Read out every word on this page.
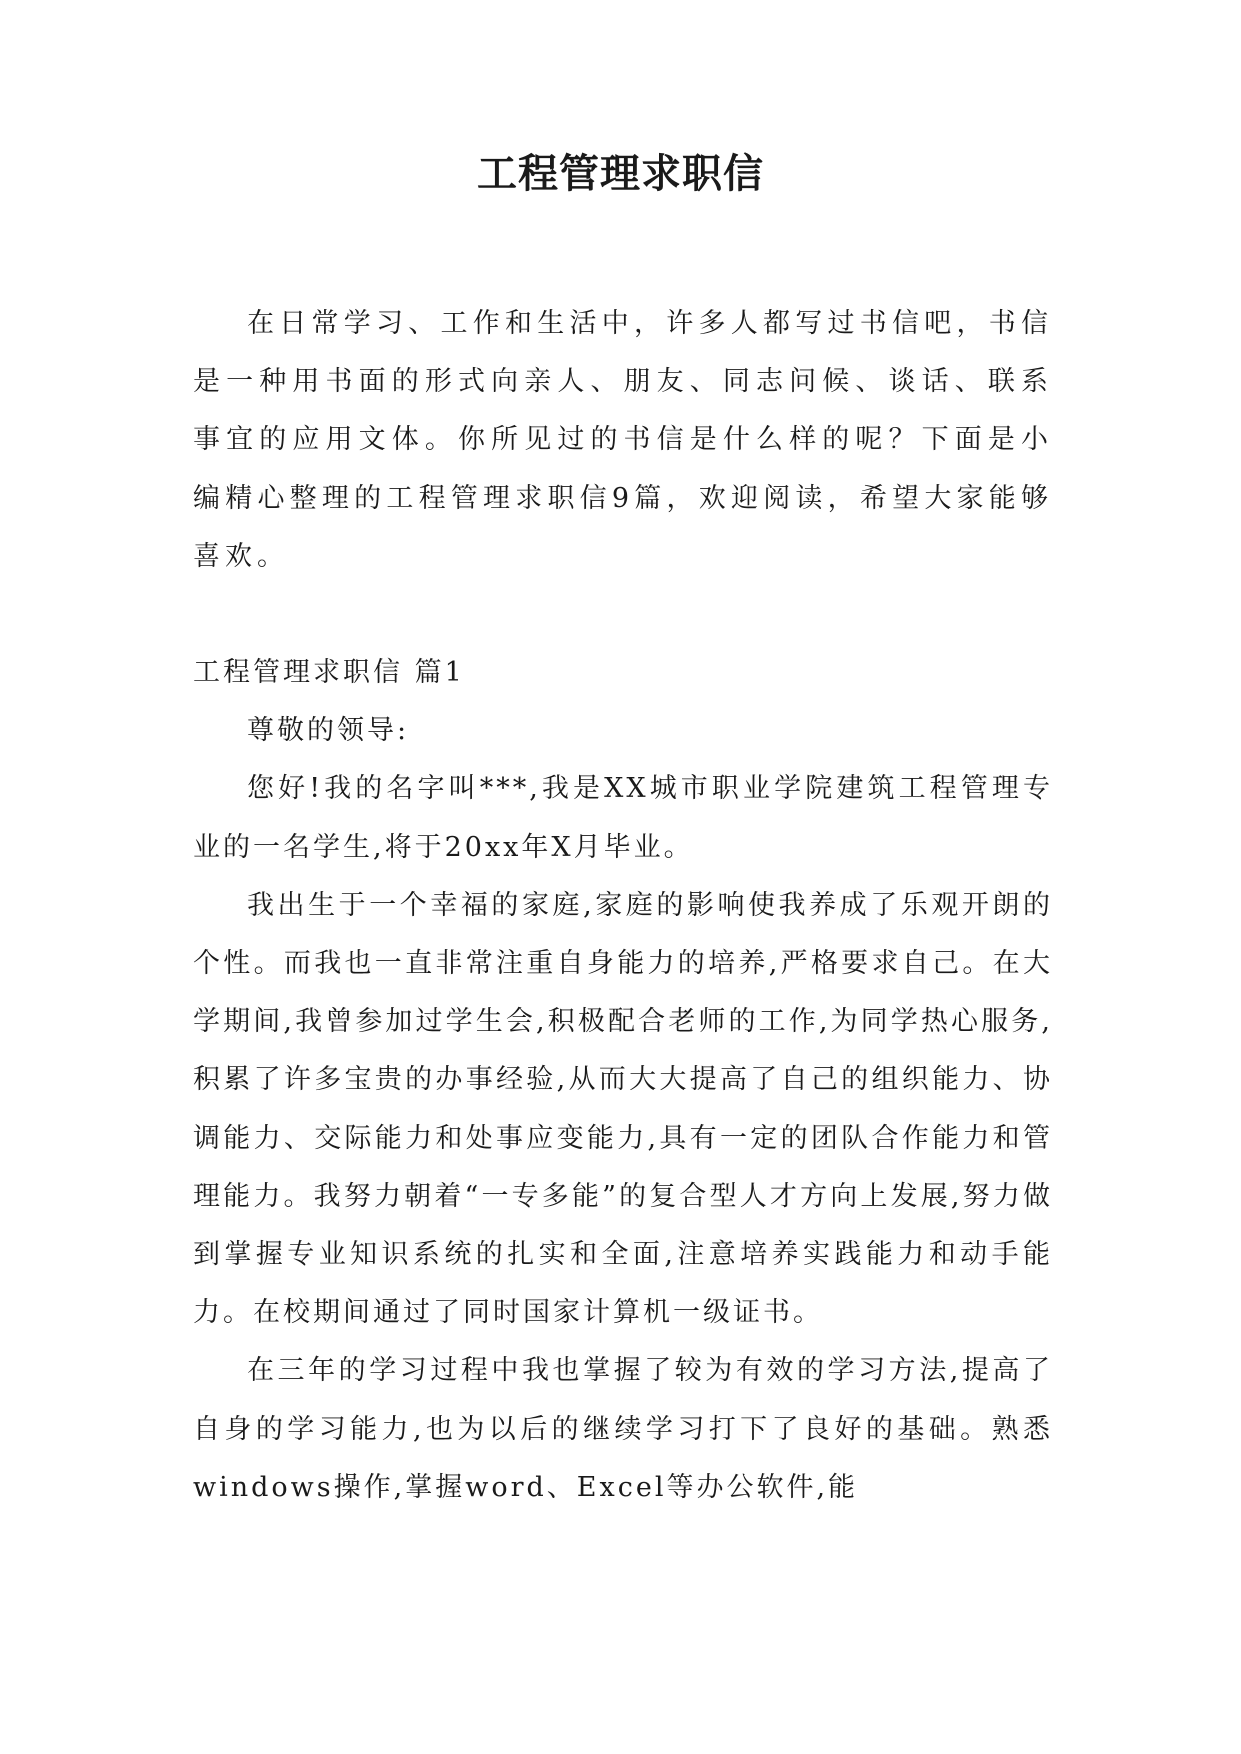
工程管理求职信

在日常学习、工作和生活中，许多人都写过书信吧，书信是一种用书面的形式向亲人、朋友、同志问候、谈话、联系事宜的应用文体。你所见过的书信是什么样的呢？下面是小编精心整理的工程管理求职信9篇，欢迎阅读，希望大家能够喜欢。

工程管理求职信 篇1

尊敬的领导:

您好!我的名字叫***,我是XX城市职业学院建筑工程管理专业的一名学生,将于20xx年X月毕业。

我出生于一个幸福的家庭,家庭的影响使我养成了乐观开朗的个性。而我也一直非常注重自身能力的培养,严格要求自己。在大学期间,我曾参加过学生会,积极配合老师的工作,为同学热心服务,积累了许多宝贵的办事经验,从而大大提高了自己的组织能力、协调能力、交际能力和处事应变能力,具有一定的团队合作能力和管理能力。我努力朝着“一专多能”的复合型人才方向上发展,努力做到掌握专业知识系统的扎实和全面,注意培养实践能力和动手能力。在校期间通过了同时国家计算机一级证书。

在三年的学习过程中我也掌握了较为有效的学习方法,提高了自身的学习能力,也为以后的继续学习打下了良好的基础。熟悉windows操作,掌握word、Excel等办公软件,能
